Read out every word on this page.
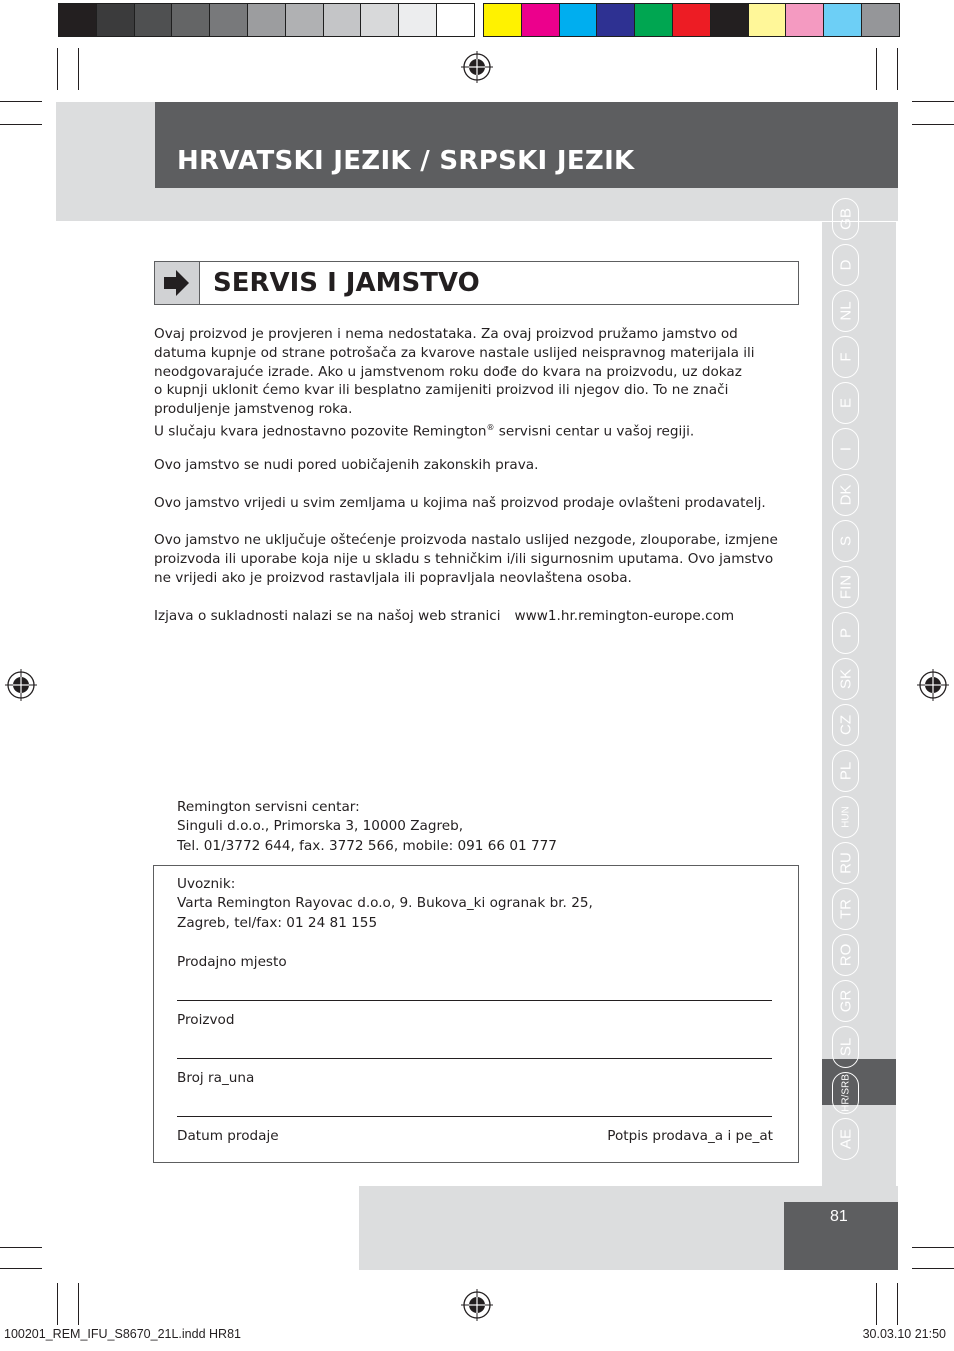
HRVATSKI JEZIK / SRPSKI JEZIK
GB
D
NL
F
E
I
DK
S
FIN
P
SK
CZ
PL
HUN
RU
TR
RO
GR
SL
HR/SRB
AE
SERVIS I JAMSTVO
Ovaj proizvod je provjeren i nema nedostataka. Za ovaj proizvod pružamo jamstvo od
datuma kupnje od strane potrošača za kvarove nastale uslijed neispravnog materijala ili
neodgovarajuće izrade. Ako u jamstvenom roku dođe do kvara na proizvodu, uz dokaz
o kupnji uklonit ćemo kvar ili besplatno zamijeniti proizvod ili njegov dio. To ne znači
produljenje jamstvenog roka.
U slučaju kvara jednostavno pozovite Remington® servisni centar u vašoj regiji.
Ovo jamstvo se nudi pored uobičajenih zakonskih prava.
Ovo jamstvo vrijedi u svim zemljama u kojima naš proizvod prodaje ovlašteni prodavatelj.
Ovo jamstvo ne uključuje oštećenje proizvoda nastalo uslijed nezgode, zlouporabe, izmjene
proizvoda ili uporabe koja nije u skladu s tehničkim i/ili sigurnosnim uputama. Ovo jamstvo
ne vrijedi ako je proizvod rastavljala ili popravljala neovlaštena osoba.
Izjava o sukladnosti nalazi se na našoj web stranici www1.hr.remington-europe.com
Remington servisni centar:
Singuli d.o.o., Primorska 3, 10000 Zagreb,
Tel. 01/3772 644, fax. 3772 566, mobile: 091 66 01 777
Uvoznik:
Varta Remington Rayovac d.o.o, 9. Bukova_ki ogranak br. 25,
Zagreb, tel/fax: 01 24 81 155
Prodajno mjesto
Proizvod
Broj ra_una
Datum prodaje	Potpis prodava_a i pe_at
81
100201_REM_IFU_S8670_21L.indd HR81	30.03.10 21:50
